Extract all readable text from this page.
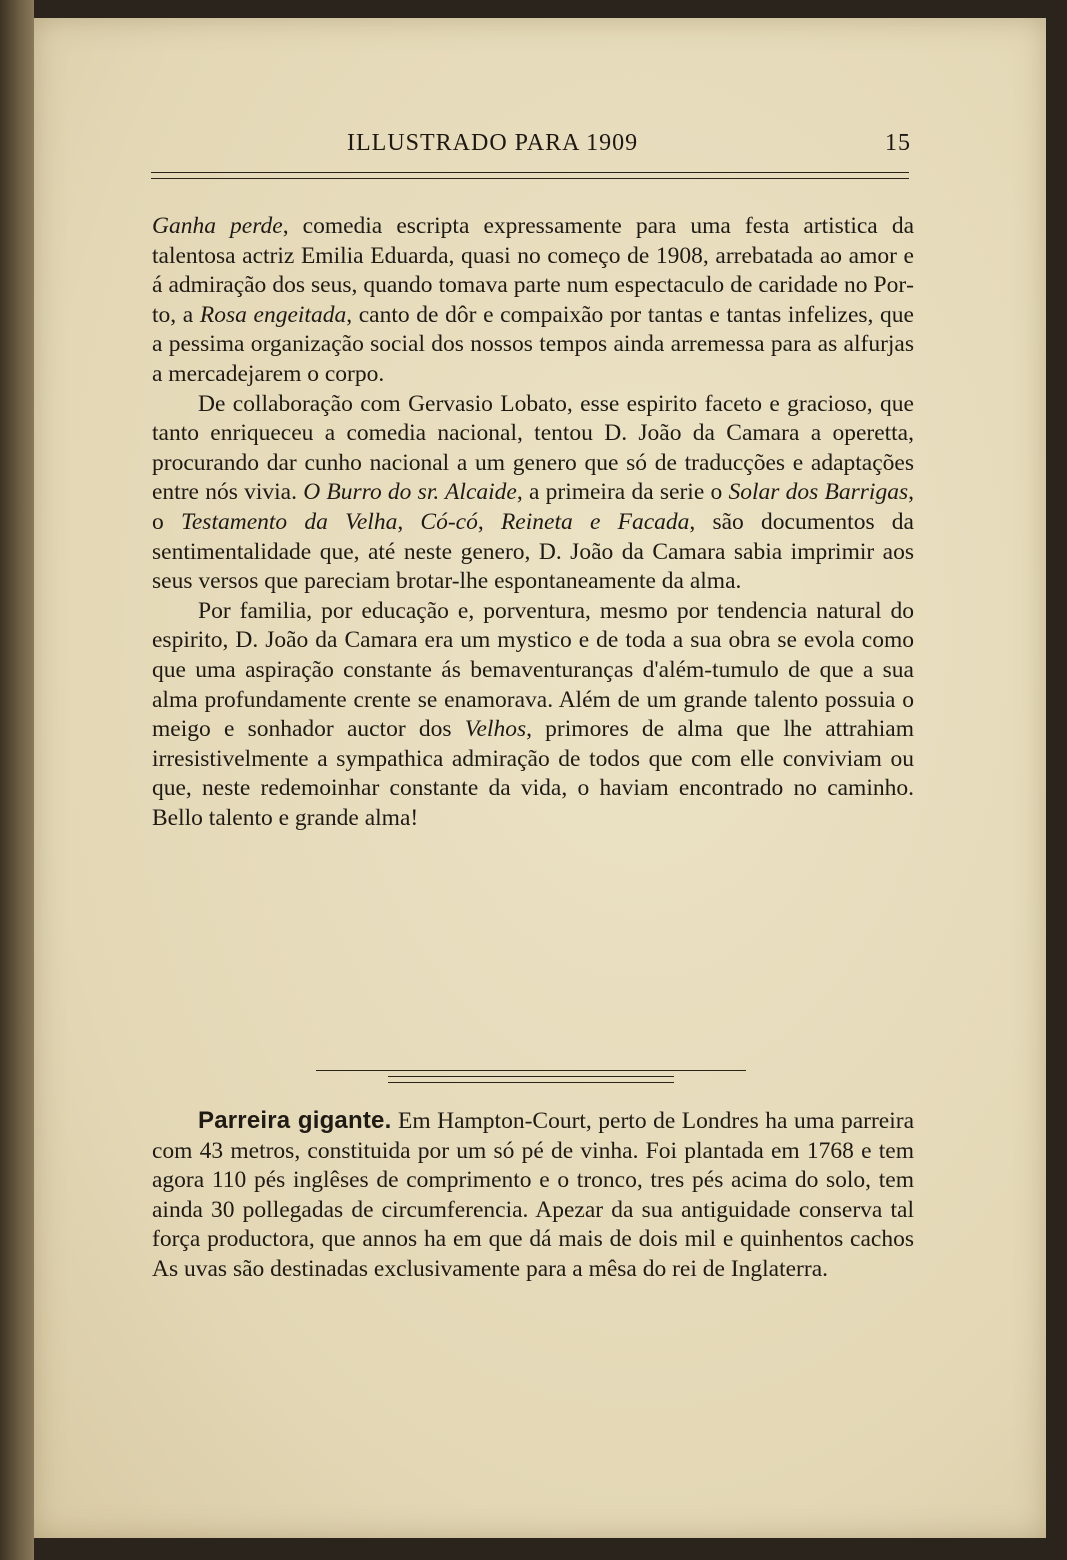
ILLUSTRADO PARA 1909	15

Ganha perde, comedia escripta expressamente para uma festa artistica da talentosa actriz Emilia Eduarda, quasi no começo de 1908, arrebatada ao amor e á admiração dos seus, quando tomava parte num espectaculo de caridade no Porto, a Rosa engeitada, canto de dôr e compaixão por tantas e tantas infelizes, que a pessima organização social dos nossos tempos ainda arremessa para as alfurjas a mercadejarem o corpo.

De collaboração com Gervasio Lobato, esse espirito faceto e gracioso, que tanto enriqueceu a comedia nacional, tentou D. João da Camara a operetta, procurando dar cunho nacional a um genero que só de traducções e adaptações entre nós vivia. O Burro do sr. Alcaide, a primeira da serie o Solar dos Barrigas, o Testamento da Velha, Có-có, Reineta e Facada, são documentos da sentimentalidade que, até neste genero, D. João da Camara sabia imprimir aos seus versos que pareciam brotar-lhe espontaneamente da alma.

Por familia, por educação e, porventura, mesmo por tendencia natural do espirito, D. João da Camara era um mystico e de toda a sua obra se evola como que uma aspiração constante ás bemaventuranças d'além-tumulo de que a sua alma profundamente crente se enamorava. Além de um grande talento possuia o meigo e sonhador auctor dos Velhos, primores de alma que lhe attrahiam irresistivelmente a sympathica admiração de todos que com elle conviviam ou que, neste redemoinhar constante da vida, o haviam encontrado no caminho. Bello talento e grande alma!

Parreira gigante. Em Hampton-Court, perto de Londres ha uma parreira com 43 metros, constituida por um só pé de vinha. Foi plantada em 1768 e tem agora 110 pés inglêses de comprimento e o tronco, tres pés acima do solo, tem ainda 30 pollegadas de circumferencia. Apezar da sua antiguidade conserva tal força productora, que annos ha em que dá mais de dois mil e quinhentos cachos As uvas são destinadas exclusivamente para a mêsa do rei de Inglaterra.
